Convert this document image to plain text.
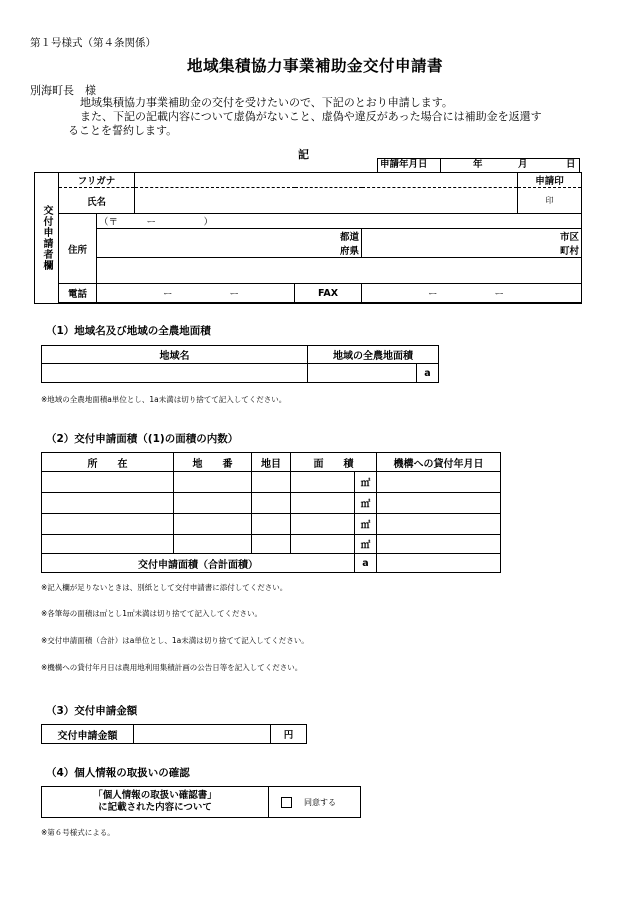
第１号様式（第４条関係）
地域集積協力事業補助金交付申請書
別海町長　様
地域集積協力事業補助金の交付を受けたいので、下記のとおり申請します。
また、下記の記載内容について虚偽がないこと、虚偽や違反があった場合には補助金を返還す
ることを誓約します。
記
申請年月日	年	月	日
交付申請者欄	フリガナ					申請印
	氏名					印
	住所	（〒　　　ー　　　　　）				
		都道			市区	
		府県			町村	

	電話	ー ー		FAX	ー ー	

（1）地域名及び地域の全農地面積
地域名	地域の全農地面積	
		a
※地域の全農地面積a単位とし、1a未満は切り捨てて記入してください。
（2）交付申請面積（(1)の面積の内数）
所　　在	地　　番	地目	面　　積		機構への貸付年月日
				㎡	
				㎡	
				㎡	
				㎡	
交付申請面積（合計面積）				a	
※記入欄が足りないときは、別紙として交付申請書に添付してください。
※各筆毎の面積は㎡とし1㎡未満は切り捨てて記入してください。
※交付申請面積（合計）はa単位とし、1a未満は切り捨てて記入してください。
※機構への貸付年月日は農用地利用集積計画の公告日等を記入してください。
（3）交付申請金額
交付申請金額		円
（4）個人情報の取扱いの確認
「個人情報の取扱い確認書」
に記載された内容について	同意する
※第６号様式による。
